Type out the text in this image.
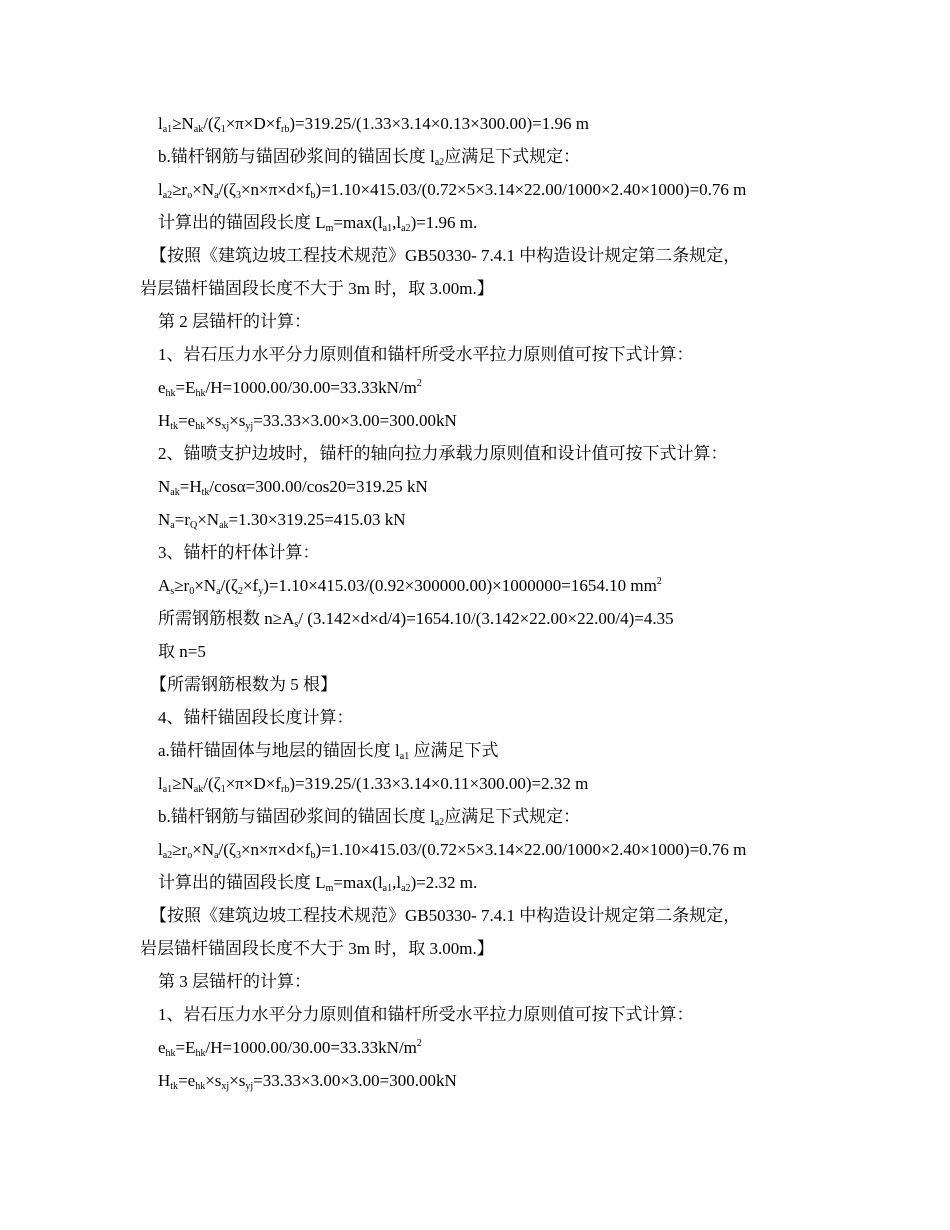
$l_{a1}\ge N_{ak}/(\zeta_1\times\pi\times D\times f_{rb})=319.25/(1.33\times 3.14\times 0.13\times 300.00)=1.96$ m
b.锚杆钢筋与锚固砂浆间的锚固长度 $l_{a2}$应满足下式规定：
$l_{a2}\ge r_o\times N_a/(\zeta_3\times n\times\pi\times d\times f_b)=1.10\times 415.03/(0.72\times 5\times 3.14\times 22.00/1000\times 2.40\times 1000)=0.76$ m
计算出的锚固段长度 $L_m=\max(l_{a1},l_{a2})=1.96$ m.
【按照《建筑边坡工程技术规范》GB50330- 7.4.1 中构造设计规定第二条规定，
岩层锚杆锚固段长度不大于 3m 时，取 3.00m.】
第 2 层锚杆的计算：
1、岩石压力水平分力原则值和锚杆所受水平拉力原则值可按下式计算：
$e_{hk}=E_{hk}/H=1000.00/30.00=33.33kN/m^2$
$H_{tk}=e_{hk}\times s_{xj}\times s_{yj}=33.33\times 3.00\times 3.00=300.00kN$
2、锚喷支护边坡时，锚杆的轴向拉力承载力原则值和设计值可按下式计算：
$N_{ak}=H_{tk}/\cos\alpha=300.00/\cos 20=319.25$ kN
$N_a=r_Q\times N_{ak}=1.30\times 319.25=415.03$ kN
3、锚杆的杆体计算：
$A_s\ge r_0\times N_a/(\zeta_2\times f_y)=1.10\times 415.03/(0.92\times 300000.00)\times 1000000=1654.10$ $mm^2$
所需钢筋根数 $n\ge A_s/$ (3.142×d×d/4)=1654.10/(3.142×22.00×22.00/4)=4.35
取 n=5
【所需钢筋根数为 5 根】
4、锚杆锚固段长度计算：
a.锚杆锚固体与地层的锚固长度 $l_{a1}$ 应满足下式
$l_{a1}\ge N_{ak}/(\zeta_1\times\pi\times D\times f_{rb})=319.25/(1.33\times 3.14\times 0.11\times 300.00)=2.32$ m
b.锚杆钢筋与锚固砂浆间的锚固长度 $l_{a2}$应满足下式规定：
$l_{a2}\ge r_o\times N_a/(\zeta_3\times n\times\pi\times d\times f_b)=1.10\times 415.03/(0.72\times 5\times 3.14\times 22.00/1000\times 2.40\times 1000)=0.76$ m
计算出的锚固段长度 $L_m=\max(l_{a1},l_{a2})=2.32$ m.
【按照《建筑边坡工程技术规范》GB50330- 7.4.1 中构造设计规定第二条规定，
岩层锚杆锚固段长度不大于 3m 时，取 3.00m.】
第 3 层锚杆的计算：
1、岩石压力水平分力原则值和锚杆所受水平拉力原则值可按下式计算：
$e_{hk}=E_{hk}/H=1000.00/30.00=33.33kN/m^2$
$H_{tk}=e_{hk}\times s_{xj}\times s_{yj}=33.33\times 3.00\times 3.00=300.00kN$
